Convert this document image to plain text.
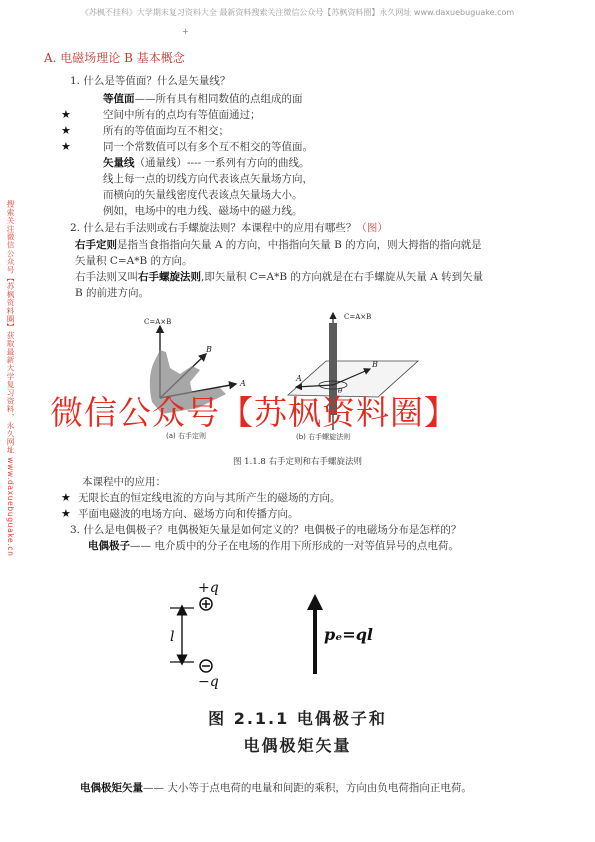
《苏枫不挂科》大学期末复习资料大全 最新资料搜索关注微信公众号【苏枫资料圈】永久网址 www.daxuebuguake.com
+
搜索关注微信公众号【苏枫资料圈】获取最新大学复习资料，永久网址 www.daxuebuguake.cn
A. 电磁场理论 B 基本概念
1. 什么是等值面？什么是矢量线？
等值面——所有具有相同数值的点组成的面
★	空间中所有的点均有等值面通过；
★	所有的等值面均互不相交；
★	同一个常数值可以有多个互不相交的等值面。
矢量线（通量线）---- 一系列有方向的曲线。
线上每一点的切线方向代表该点矢量场方向，
而横向的矢量线密度代表该点矢量场大小。
例如，电场中的电力线、磁场中的磁力线。
2. 什么是右手法则或右手螺旋法则？本课程中的应用有哪些？（图）
右手定则是指当食指指向矢量 A 的方向，中指指向矢量 B 的方向，则大拇指的指向就是
矢量积 C=A*B 的方向。
右手法则又叫右手螺旋法则,即矢量积 C=A*B 的方向就是在右手螺旋从矢量 A 转到矢量
B 的前进方向。
C=A×B
B
A
(a) 右手定则
C=A×B
A
B
θ
(b) 右手螺旋法则
微信公众号【苏枫资料圈】
图 1.1.8 右手定则和右手螺旋法则
本课程中的应用：
★ 无限长直的恒定线电流的方向与其所产生的磁场的方向。
★ 平面电磁波的电场方向、磁场方向和传播方向。
3. 什么是电偶极子？电偶极矩矢量是如何定义的？电偶极子的电磁场分布是怎样的？
电偶极子—— 电介质中的分子在电场的作用下所形成的一对等值异号的点电荷。
+q
−q
l	pₑ=ql
图 2.1.1 电偶极子和
电偶极矩矢量
电偶极矩矢量—— 大小等于点电荷的电量和间距的乘积，方向由负电荷指向正电荷。
